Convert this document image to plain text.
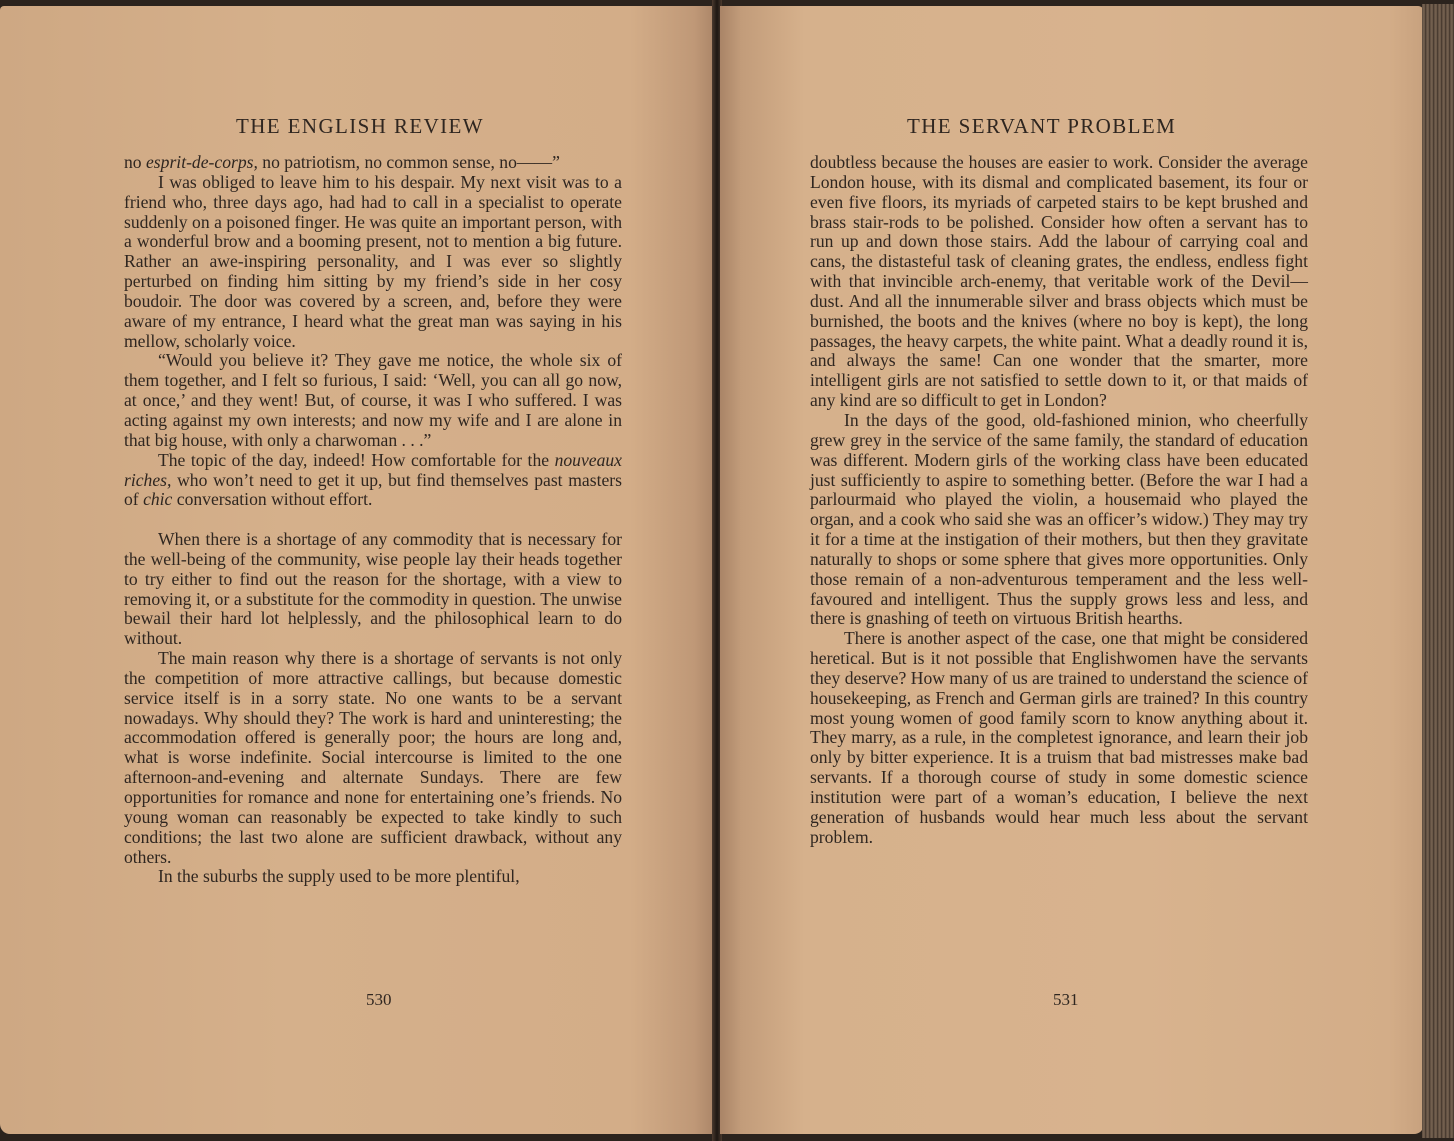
THE ENGLISH REVIEW

no esprit-de-corps, no patriotism, no common sense, no——”

I was obliged to leave him to his despair. My next visit was to a friend who, three days ago, had had to call in a specialist to operate suddenly on a poisoned finger. He was quite an important person, with a wonderful brow and a booming present, not to mention a big future. Rather an awe-inspiring personality, and I was ever so slightly perturbed on finding him sitting by my friend’s side in her cosy boudoir. The door was covered by a screen, and, before they were aware of my entrance, I heard what the great man was saying in his mellow, scholarly voice.

“Would you believe it? They gave me notice, the whole six of them together, and I felt so furious, I said: ‘Well, you can all go now, at once,’ and they went! But, of course, it was I who suffered. I was acting against my own interests; and now my wife and I are alone in that big house, with only a charwoman . . .”

The topic of the day, indeed! How comfortable for the nouveaux riches, who won’t need to get it up, but find themselves past masters of chic conversation without effort.

When there is a shortage of any commodity that is necessary for the well-being of the community, wise people lay their heads together to try either to find out the reason for the shortage, with a view to removing it, or a substitute for the commodity in question. The unwise bewail their hard lot helplessly, and the philosophical learn to do without.

The main reason why there is a shortage of servants is not only the competition of more attractive callings, but because domestic service itself is in a sorry state. No one wants to be a servant nowadays. Why should they? The work is hard and uninteresting; the accommodation offered is generally poor; the hours are long and, what is worse indefinite. Social intercourse is limited to the one afternoon-and-evening and alternate Sundays. There are few opportunities for romance and none for entertaining one’s friends. No young woman can reasonably be expected to take kindly to such conditions; the last two alone are sufficient drawback, without any others.

In the suburbs the supply used to be more plentiful,

530
THE SERVANT PROBLEM

doubtless because the houses are easier to work. Consider the average London house, with its dismal and complicated basement, its four or even five floors, its myriads of carpeted stairs to be kept brushed and brass stair-rods to be polished. Consider how often a servant has to run up and down those stairs. Add the labour of carrying coal and cans, the distasteful task of cleaning grates, the endless, endless fight with that invincible arch-enemy, that veritable work of the Devil—dust. And all the innumerable silver and brass objects which must be burnished, the boots and the knives (where no boy is kept), the long passages, the heavy carpets, the white paint. What a deadly round it is, and always the same! Can one wonder that the smarter, more intelligent girls are not satisfied to settle down to it, or that maids of any kind are so difficult to get in London?

In the days of the good, old-fashioned minion, who cheerfully grew grey in the service of the same family, the standard of education was different. Modern girls of the working class have been educated just sufficiently to aspire to something better. (Before the war I had a parlourmaid who played the violin, a housemaid who played the organ, and a cook who said she was an officer’s widow.) They may try it for a time at the instigation of their mothers, but then they gravitate naturally to shops or some sphere that gives more opportunities. Only those remain of a non-adventurous temperament and the less well-favoured and intelligent. Thus the supply grows less and less, and there is gnashing of teeth on virtuous British hearths.

There is another aspect of the case, one that might be considered heretical. But is it not possible that Englishwomen have the servants they deserve? How many of us are trained to understand the science of housekeeping, as French and German girls are trained? In this country most young women of good family scorn to know anything about it. They marry, as a rule, in the completest ignorance, and learn their job only by bitter experience. It is a truism that bad mistresses make bad servants. If a thorough course of study in some domestic science institution were part of a woman’s education, I believe the next generation of husbands would hear much less about the servant problem.

531
